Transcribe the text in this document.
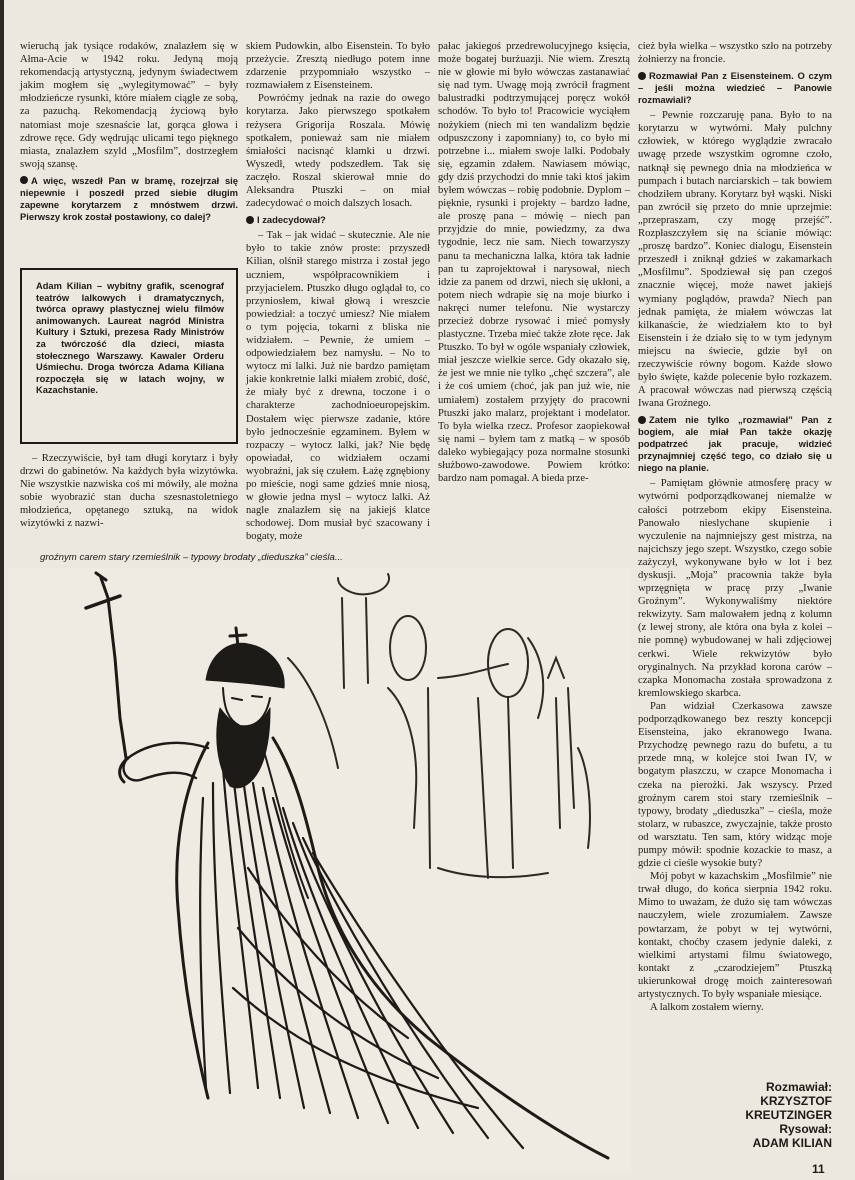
wieruchą jak tysiące rodaków, znalazłem się w Ałma-Acie w 1942 roku. Jedyną moją rekomendacją artystyczną, jedynym świadectwem jakim mogłem się „wylegitymować” – były młodzieńcze rysunki, które miałem ciągle ze sobą, za pazuchą. Rekomendacją życiową było natomiast moje szesnaście lat, gorąca głowa i zdrowe ręce. Gdy wędrując ulicami tego pięknego miasta, znalazłem szyld „Mosfilm”, dostrzegłem swoją szansę.

A więc, wszedł Pan w bramę, rozejrzał się niepewnie i poszedł przed siebie długim zapewne korytarzem z mnóstwem drzwi. Pierwszy krok został postawiony, co dalej?
Adam Kilian – wybitny grafik, scenograf teatrów lalkowych i dramatycznych, twórca oprawy plastycznej wielu filmów animowanych. Laureat nagród Ministra Kultury i Sztuki, prezesa Rady Ministrów za twórczość dla dzieci, miasta stołecznego Warszawy. Kawaler Orderu Uśmiechu. Droga twórcza Adama Kiliana rozpoczęła się w latach wojny, w Kazachstanie.

– Rzeczywiście, był tam długi korytarz i były drzwi do gabinetów. Na każdych była wizytówka. Nie wszystkie nazwiska coś mi mówiły, ale można sobie wyobrazić stan ducha szesnastoletniego młodzieńca, opętanego sztuką, na widok wizytówki z nazwi-

skiem Pudowkin, albo Eisenstein. To było przeżycie. Zresztą niedługo potem inne zdarzenie przypomniało wszystko – rozmawiałem z Eisensteinem.

Powróćmy jednak na razie do owego korytarza. Jako pierwszego spotkałem reżysera Grigorija Roszala. Mówię spotkałem, ponieważ sam nie miałem śmiałości nacisnąć klamki u drzwi. Wyszedł, wtedy podszedłem. Tak się zaczęło. Roszal skierował mnie do Aleksandra Ptuszki – on miał zadecydować o moich dalszych losach.

I zadecydował?

– Tak – jak widać – skutecznie. Ale nie było to takie znów proste: przyszedł Kilian, olśnił starego mistrza i został jego uczniem, współpracownikiem i przyjacielem. Ptuszko długo oglądał to, co przyniosłem, kiwał głową i wreszcie powiedział: a toczyć umiesz? Nie miałem o tym pojęcia, tokarni z bliska nie widziałem. – Pewnie, że umiem – odpowiedziałem bez namysłu. – No to wytocz mi lalki. Już nie bardzo pamiętam jakie konkretnie lalki miałem zrobić, dość, że miały być z drewna, toczone i o charakterze zachodnioeuropejskim. Dostałem więc pierwsze zadanie, które było jednocześnie egzaminem. Byłem w rozpaczy – wytocz lalki, jak? Nie będę opowiadał, co widziałem oczami wyobraźni, jak się czułem. Łażę zgnębiony po mieście, nogi same gdzieś mnie niosą, w głowie jedna mysl – wytocz lalki. Aż nagle znalazłem się na jakiejś klatce schodowej. Dom musiał być szacowany i bogaty, może

pałac jakiegoś przedrewolucyjnego księcia, może bogatej burżuazji. Nie wiem. Zresztą nie w głowie mi było wówczas zastanawiać się nad tym. Uwagę moją zwrócił fragment balustradki podtrzymującej poręcz wokół schodów. To było to! Pracowicie wyciąłem nożykiem (niech mi ten wandalizm będzie odpuszczony i zapomniany) to, co było mi potrzebne i... miałem swoje lalki. Podobały się, egzamin zdałem. Nawiasem mówiąc, gdy dziś przychodzi do mnie taki ktoś jakim byłem wówczas – robię podobnie. Dyplom – pięknie, rysunki i projekty – bardzo ładne, ale proszę pana – mówię – niech pan przyjdzie do mnie, powiedzmy, za dwa tygodnie, lecz nie sam. Niech towarzyszy panu ta mechaniczna lalka, która tak ładnie pan tu zaprojektował i narysował, niech idzie za panem od drzwi, niech się ukłoni, a potem niech wdrapie się na moje biurko i nakręci numer telefonu. Nie wystarczy przecież dobrze rysować i mieć pomysły plastyczne. Trzeba mieć także złote ręce. Jak Ptuszko. To był w ogóle wspaniały człowiek, miał jeszcze wielkie serce. Gdy okazało się, że jest we mnie nie tylko „chęć szczera”, ale i że coś umiem (choć, jak pan już wie, nie umiałem) zostałem przyjęty do pracowni Ptuszki jako malarz, projektant i modelator. To była wielka rzecz. Profesor zaopiekował się nami – byłem tam z matką – w sposób daleko wybiegający poza normalne stosunki służbowo-zawodowe. Powiem krótko: bardzo nam pomagał. A bieda prze-

cież była wielka – wszystko szło na potrzeby żołnierzy na froncie.

Rozmawiał Pan z Eisensteinem. O czym – jeśli można wiedzieć – Panowie rozmawiali?

– Pewnie rozczaruję pana. Było to na korytarzu w wytwórni. Mały pulchny człowiek, w którego wyglądzie zwracało uwagę przede wszystkim ogromne czoło, natknął się pewnego dnia na młodzieńca w pumpach i butach narciarskich – tak bowiem chodziłem ubrany. Korytarz był wąski. Niski pan zwrócił się przeto do mnie uprzejmie: „przepraszam, czy mogę przejść”. Rozpłaszczyłem się na ścianie mówiąc: „proszę bardzo”. Koniec dialogu, Eisenstein przeszedł i zniknął gdzieś w zakamarkach „Mosfilmu”. Spodziewał się pan czegoś znacznie więcej, może nawet jakiejś wymiany poglądów, prawda? Niech pan jednak pamięta, że miałem wówczas lat kilkanaście, że wiedziałem kto to był Eisenstein i że działo się to w tym jedynym miejscu na świecie, gdzie był on rzeczywiście równy bogom. Każde słowo było święte, każde polecenie było rozkazem. A pracował wówczas nad pierwszą częścią Iwana Groźnego.

Zatem nie tylko „rozmawiał” Pan z bogiem, ale miał Pan także okazję podpatrzeć jak pracuje, widzieć przynajmniej część tego, co działo się u niego na planie.

– Pamiętam głównie atmosferę pracy w wytwórni podporządkowanej niemalże w całości potrzebom ekipy Eisensteina. Panowało nieslychane skupienie i wyczulenie na najmniejszy gest mistrza, na najcichszy jego szept. Wszystko, czego sobie zażyczył, wykonywane było w lot i bez dyskusji. „Moja” pracownia także była wprzęgnięta w pracę przy „Iwanie Groźnym”. Wykonywaliśmy niektóre rekwizyty. Sam malowałem jedną z kolumn (z lewej strony, ale która ona była z kolei – nie pomnę) wybudowanej w hali zdjęciowej cerkwi. Wiele rekwizytów było oryginalnych. Na przykład korona carów – czapka Monomacha została sprowadzona z kremlowskiego skarbca.

Pan widział Czerkasowa zawsze podporządkowanego bez reszty koncepcji Eisensteina, jako ekranowego Iwana. Przychodzę pewnego razu do bufetu, a tu przede mną, w kolejce stoi Iwan IV, w bogatym płaszczu, w czapce Monomacha i czeka na pierożki. Jak wszyscy. Przed groźnym carem stoi stary rzemieślnik – typowy, brodaty „dieduszka” – cieśla, może stolarz, w rubaszce, zwyczajnie, także prosto od warsztatu. Ten sam, który widząc moje pumpy mówił: spodnie kozackie to masz, a gdzie ci cieśle wysokie buty?

Mój pobyt w kazachskim „Mosfilmie” nie trwał długo, do końca sierpnia 1942 roku. Mimo to uważam, że dużo się tam wówczas nauczyłem, wiele zrozumiałem. Zawsze powtarzam, że pobyt w tej wytwórni, kontakt, choćby czasem jedynie daleki, z wielkimi artystami filmu światowego, kontakt z „czarodziejem” Ptuszką ukierunkował drogę moich zainteresowań artystycznych. To były wspaniałe miesiące.

A lalkom zostałem wierny.

groźnym carem stary rzemieślnik – typowy brodaty „dieduszka” cieśla...
Rozmawiał:
KRZYSZTOF
KREUTZINGER
Rysował:
ADAM KILIAN
11
